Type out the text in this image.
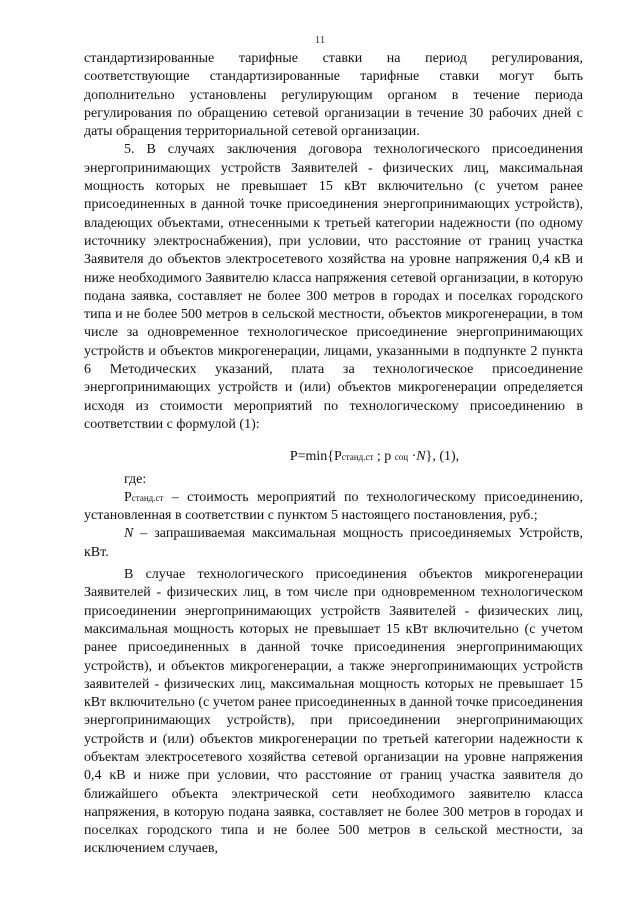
11

стандартизированные тарифные ставки на период регулирования, соответствующие стандартизированные тарифные ставки могут быть дополнительно установлены регулирующим органом в течение периода регулирования по обращению сетевой организации в течение 30 рабочих дней с даты обращения территориальной сетевой организации.

5. В случаях заключения договора технологического присоединения энергопринимающих устройств Заявителей - физических лиц, максимальная мощность которых не превышает 15 кВт включительно (с учетом ранее присоединенных в данной точке присоединения энергопринимающих устройств), владеющих объектами, отнесенными к третьей категории надежности (по одному источнику электроснабжения), при условии, что расстояние от границ участка Заявителя до объектов электросетевого хозяйства на уровне напряжения 0,4 кВ и ниже необходимого Заявителю класса напряжения сетевой организации, в которую подана заявка, составляет не более 300 метров в городах и поселках городского типа и не более 500 метров в сельской местности, объектов микрогенерации, в том числе за одновременное технологическое присоединение энергопринимающих устройств и объектов микрогенерации, лицами, указанными в подпункте 2 пункта 6 Методических указаний, плата за технологическое присоединение энергопринимающих устройств и (или) объектов микрогенерации определяется исходя из стоимости мероприятий по технологическому присоединению в соответствии с формулой (1):

P=min{Pстанд.ст ; p соц ·N}, (1),

где:

Pстанд.ст – стоимость мероприятий по технологическому присоединению, установленная в соответствии с пунктом 5 настоящего постановления, руб.;

N – запрашиваемая максимальная мощность присоединяемых Устройств, кВт.

В случае технологического присоединения объектов микрогенерации Заявителей - физических лиц, в том числе при одновременном технологическом присоединении энергопринимающих устройств Заявителей - физических лиц, максимальная мощность которых не превышает 15 кВт включительно (с учетом ранее присоединенных в данной точке присоединения энергопринимающих устройств), и объектов микрогенерации, а также энергопринимающих устройств заявителей - физических лиц, максимальная мощность которых не превышает 15 кВт включительно (с учетом ранее присоединенных в данной точке присоединения энергопринимающих устройств), при присоединении энергопринимающих устройств и (или) объектов микрогенерации по третьей категории надежности к объектам электросетевого хозяйства сетевой организации на уровне напряжения 0,4 кВ и ниже при условии, что расстояние от границ участка заявителя до ближайшего объекта электрической сети необходимого заявителю класса напряжения, в которую подана заявка, составляет не более 300 метров в городах и поселках городского типа и не более 500 метров в сельской местности, за исключением случаев,
